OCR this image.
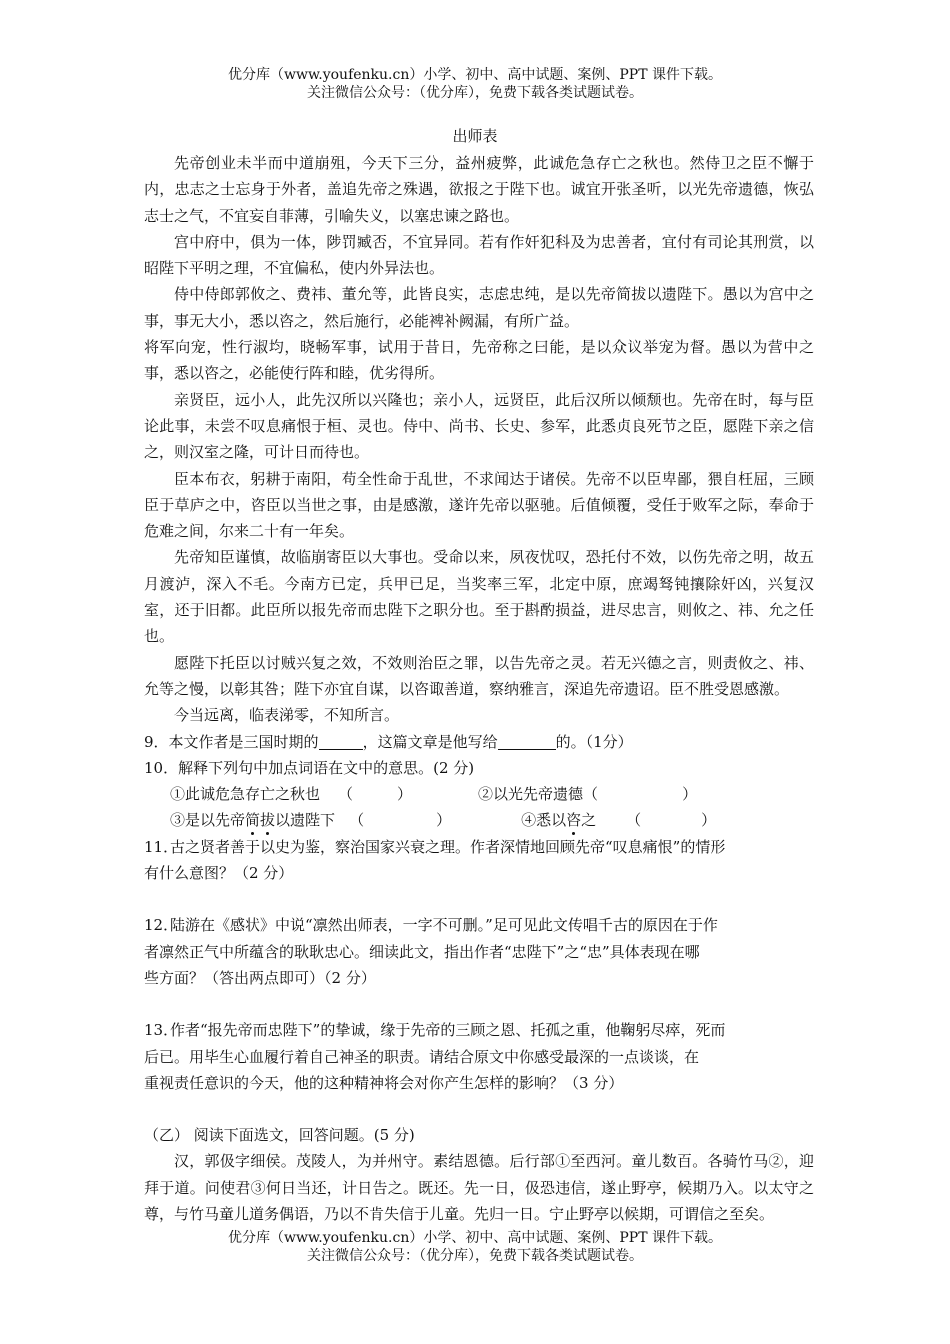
优分库（www.youfenku.cn）小学、初中、高中试题、案例、PPT 课件下载。
关注微信公众号：（优分库），免费下载各类试题试卷。
出师表

先帝创业未半而中道崩殂，今天下三分，益州疲弊，此诚危急存亡之秋也。然侍卫之臣不懈于内，忠志之士忘身于外者，盖追先帝之殊遇，欲报之于陛下也。诚宜开张圣听，以光先帝遗德，恢弘志士之气，不宜妄自菲薄，引喻失义，以塞忠谏之路也。

宫中府中，俱为一体，陟罚臧否，不宜异同。若有作奸犯科及为忠善者，宜付有司论其刑赏，以昭陛下平明之理，不宜偏私，使内外异法也。

侍中侍郎郭攸之、费祎、董允等，此皆良实，志虑忠纯，是以先帝简拔以遗陛下。愚以为宫中之事，事无大小，悉以咨之，然后施行，必能裨补阙漏，有所广益。

将军向宠，性行淑均，晓畅军事，试用于昔日，先帝称之曰能，是以众议举宠为督。愚以为营中之事，悉以咨之，必能使行阵和睦，优劣得所。

亲贤臣，远小人，此先汉所以兴隆也；亲小人，远贤臣，此后汉所以倾颓也。先帝在时，每与臣论此事，未尝不叹息痛恨于桓、灵也。侍中、尚书、长史、参军，此悉贞良死节之臣，愿陛下亲之信之，则汉室之隆，可计日而待也。

臣本布衣，躬耕于南阳，苟全性命于乱世，不求闻达于诸侯。先帝不以臣卑鄙，猥自枉屈，三顾臣于草庐之中，咨臣以当世之事，由是感激，遂许先帝以驱驰。后值倾覆，受任于败军之际，奉命于危难之间，尔来二十有一年矣。

先帝知臣谨慎，故临崩寄臣以大事也。受命以来，夙夜忧叹，恐托付不效，以伤先帝之明，故五月渡泸，深入不毛。今南方已定，兵甲已足，当奖率三军，北定中原，庶竭驽钝攘除奸凶，兴复汉室，还于旧都。此臣所以报先帝而忠陛下之职分也。至于斟酌损益，进尽忠言，则攸之、祎、允之任也。

愿陛下托臣以讨贼兴复之效，不效则治臣之罪，以告先帝之灵。若无兴德之言，则责攸之、祎、允等之慢，以彰其咎；陛下亦宜自谋，以咨诹善道，察纳雅言，深追先帝遗诏。臣不胜受恩感激。

今当远离，临表涕零，不知所言。

9．本文作者是三国时期的	，这篇文章是他写给	的。（1分）

10．解释下列句中加点词语在文中的意思。(2 分)

①此诚危急存亡之秋也 （	）	②以光先帝遗德（	）

③是以先帝简拔以遗陛下 （	）	④悉以咨之 （	）

11．古之贤者善于以史为鉴，察治国家兴衰之理。作者深情地回顾先帝“叹息痛恨”的情形

有什么意图？（2 分）

12．陆游在《感状》中说“凛然出师表，一字不可删。”足可见此文传唱千古的原因在于作

者凛然正气中所蕴含的耿耿忠心。细读此文，指出作者“忠陛下”之“忠”具体表现在哪

些方面？（答出两点即可）（2 分）

13．作者“报先帝而忠陛下”的挚诚，缘于先帝的三顾之恩、托孤之重，他鞠躬尽瘁，死而

后已。用毕生心血履行着自己神圣的职责。请结合原文中你感受最深的一点谈谈，在

重视责任意识的今天，他的这种精神将会对你产生怎样的影响？（3 分）

（乙） 阅读下面选文，回答问题。(5 分)

汉，郭伋字细侯。茂陵人，为并州守。素结恩德。后行部①至西河。童儿数百。各骑竹马②，迎拜于道。问使君③何日当还，计日告之。既还。先一日，伋恐违信，遂止野亭，候期乃入。以太守之尊，与竹马童儿道务偶语，乃以不肯失信于儿童。先归一日。宁止野亭以候期，可谓信之至矣。

优分库（www.youfenku.cn）小学、初中、高中试题、案例、PPT 课件下载。
关注微信公众号：（优分库），免费下载各类试题试卷。
